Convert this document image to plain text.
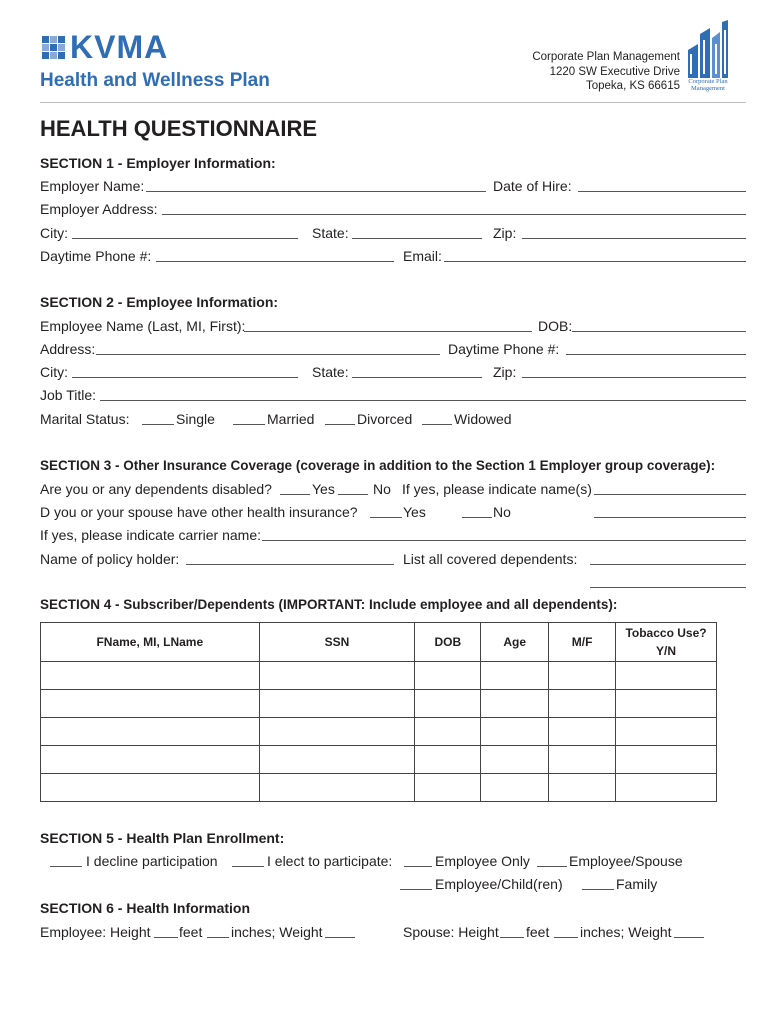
KVMA
Health and Wellness Plan
Corporate Plan Management
1220 SW Executive Drive
Topeka, KS 66615	Corporate Plan
Management
HEALTH QUESTIONNAIRE
SECTION 1 - Employer Information:
Employer Name:	Date of Hire:
Employer Address:
City:	State:	Zip:
Daytime Phone #:	Email:
SECTION 2 - Employee Information:
Employee Name (Last, MI, First):	DOB:
Address:	Daytime Phone #:
City:	State:	Zip:
Job Title:
Marital Status:	Single	Married	Divorced	Widowed
SECTION 3 - Other Insurance Coverage (coverage in addition to the Section 1 Employer group coverage):
Are you or any dependents disabled?	Yes	No If yes, please indicate name(s)
D you or your spouse have other health insurance?	Yes	No
If yes, please indicate carrier name:
Name of policy holder:	List all covered dependents:
SECTION 4 - Subscriber/Dependents (IMPORTANT: Include employee and all dependents):
FName, MI, LName	SSN	DOB	Age	M/F	Tobacco Use?
Y/N

SECTION 5 - Health Plan Enrollment:
I decline participation	I elect to participate:	Employee Only	Employee/Spouse
Employee/Child(ren)	Family
SECTION 6 - Health Information
Employee: Height feet inches; Weight	Spouse: Height feet inches; Weight
